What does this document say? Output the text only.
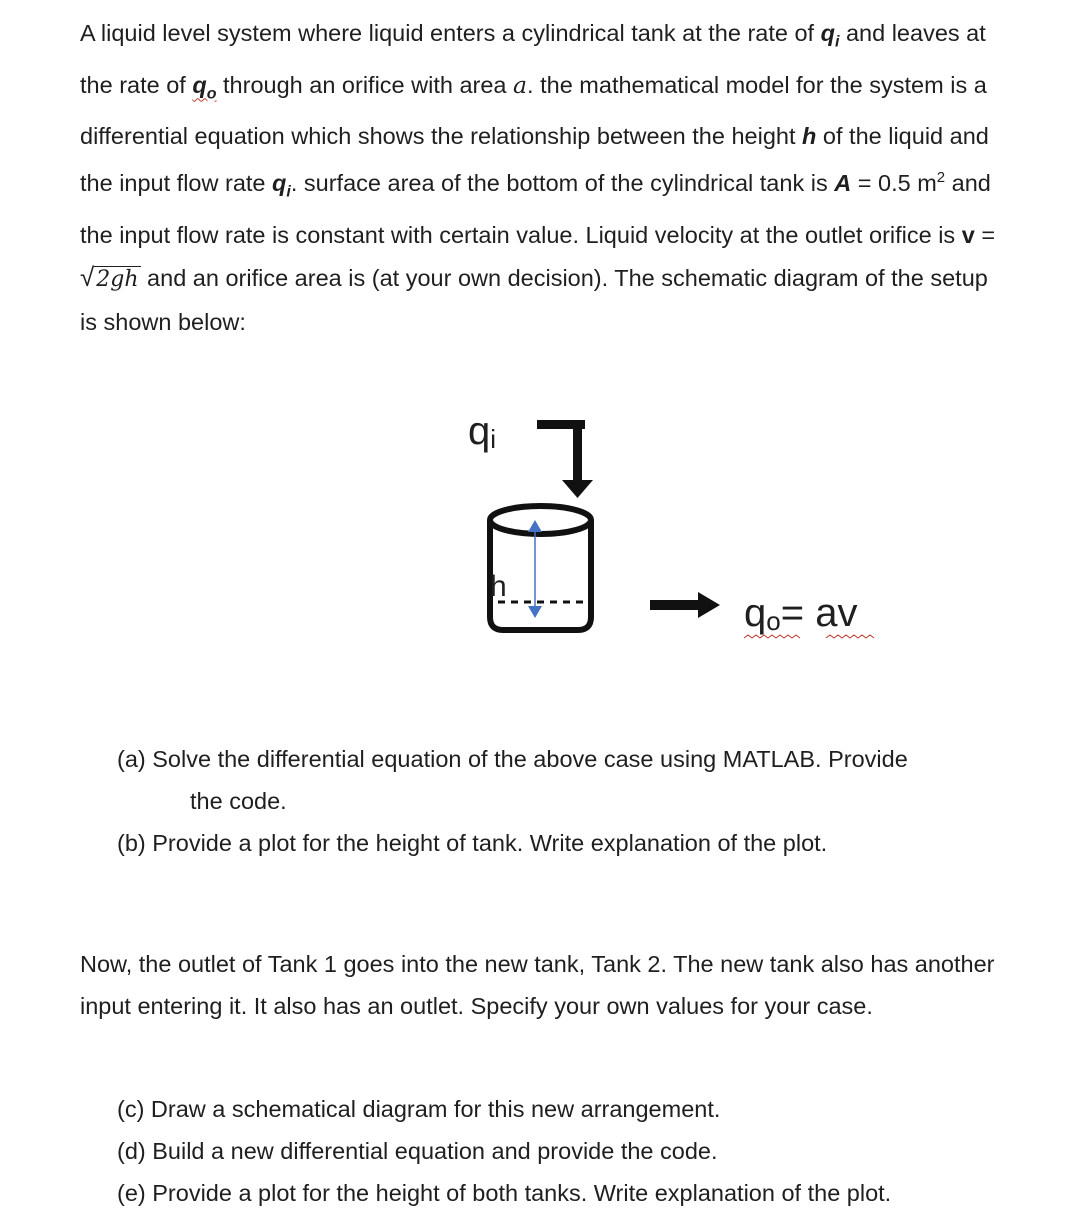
A liquid level system where liquid enters a cylindrical tank at the rate of $q_i$ and leaves at the rate of $q_o$ through an orifice with area a. the mathematical model for the system is a differential equation which shows the relationship between the height h of the liquid and the input flow rate $q_i$. surface area of the bottom of the cylindrical tank is A = 0.5 $m^2$ and the input flow rate is constant with certain value. Liquid velocity at the outlet orifice is v = √2gh and an orifice area is (at your own decision). The schematic diagram of the setup is shown below:

qi
h
qo= av

(a) Solve the differential equation of the above case using MATLAB. Provide

the code.

(b) Provide a plot for the height of tank. Write explanation of the plot.

Now, the outlet of Tank 1 goes into the new tank, Tank 2. The new tank also has another input entering it. It also has an outlet. Specify your own values for your case.

(c) Draw a schematical diagram for this new arrangement.

(d) Build a new differential equation and provide the code.

(e) Provide a plot for the height of both tanks. Write explanation of the plot.
